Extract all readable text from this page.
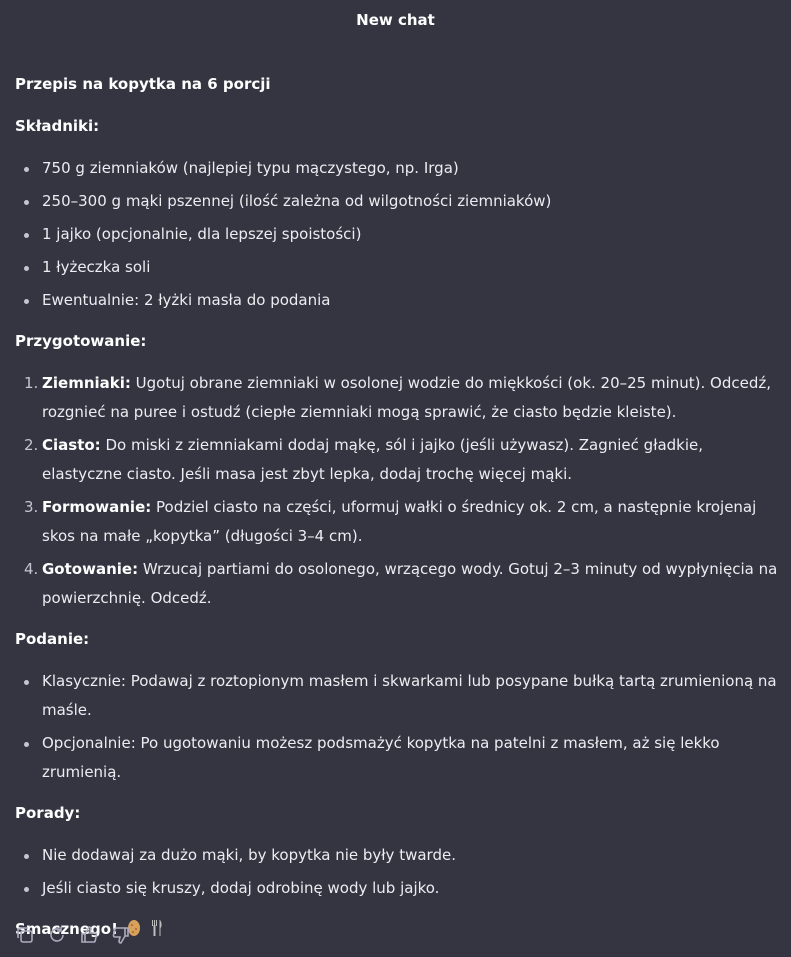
New chat

Przepis na kopytka na 6 porcji

Składniki:

750 g ziemniaków (najlepiej typu mączystego, np. Irga)
250–300 g mąki pszennej (ilość zależna od wilgotności ziemniaków)
1 jajko (opcjonalnie, dla lepszej spoistości)
1 łyżeczka soli
Ewentualnie: 2 łyżki masła do podania

Przygotowanie:

1. Ziemniaki: Ugotuj obrane ziemniaki w osolonej wodzie do miękkości (ok. 20–25 minut). Odcedź, rozgnieć na puree i ostudź (ciepłe ziemniaki mogą sprawić, że ciasto będzie kleiste).
2. Ciasto: Do miski z ziemniakami dodaj mąkę, sól i jajko (jeśli używasz). Zagnieć gładkie, elastyczne ciasto. Jeśli masa jest zbyt lepka, dodaj trochę więcej mąki.
3. Formowanie: Podziel ciasto na części, uformuj wałki o średnicy ok. 2 cm, a następnie krojenaj skos na małe „kopytka” (długości 3–4 cm).
4. Gotowanie: Wrzucaj partiami do osolonego, wrzącego wody. Gotuj 2–3 minuty od wypłynięcia na powierzchnię. Odcedź.

Podanie:

Klasycznie: Podawaj z roztopionym masłem i skwarkami lub posypane bułką tartą zrumienioną na maśle.
Opcjonalnie: Po ugotowaniu możesz podsmażyć kopytka na patelni z masłem, aż się lekko zrumienią.

Porady:

Nie dodawaj za dużo mąki, by kopytka nie były twarde.
Jeśli ciasto się kruszy, dodaj odrobinę wody lub jajko.

Smacznego!
